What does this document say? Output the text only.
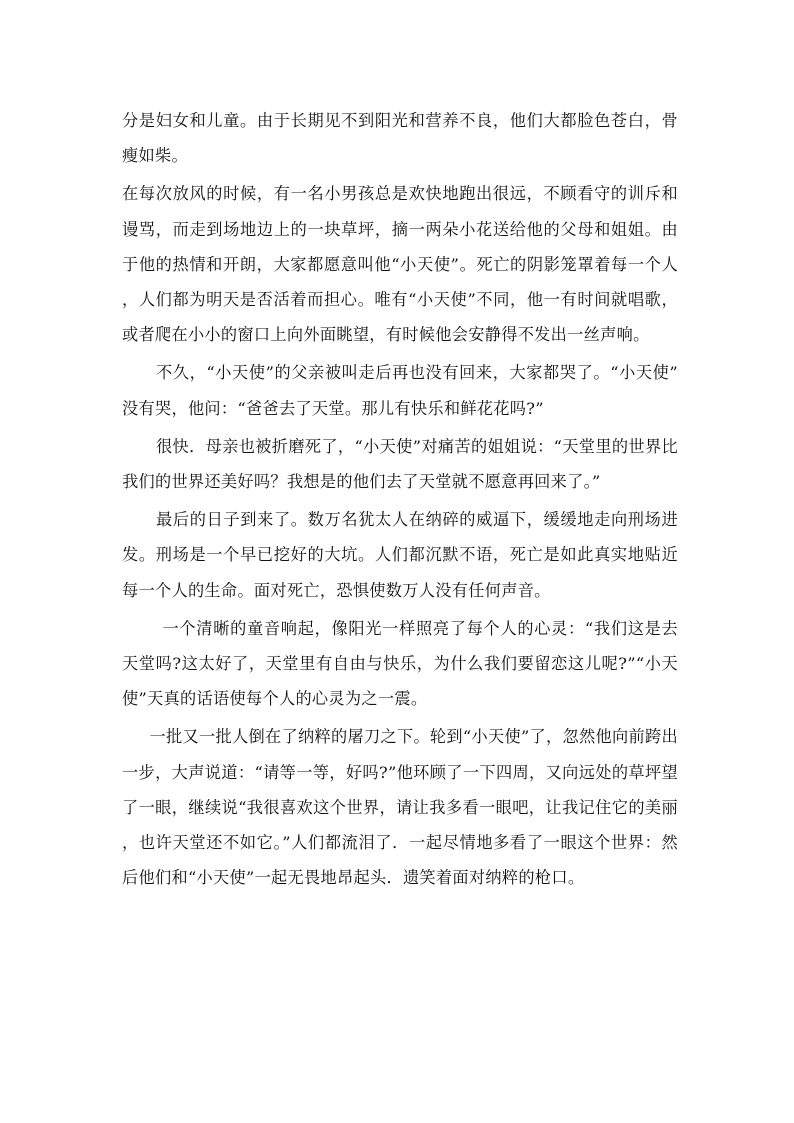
分是妇女和儿童。由于长期见不到阳光和营养不良，他们大都脸色苍白，骨瘦如柴。

在每次放风的时候，有一名小男孩总是欢快地跑出很远，不顾看守的训斥和谩骂，而走到场地边上的一块草坪，摘一两朵小花送给他的父母和姐姐。由于他的热情和开朗，大家都愿意叫他“小天使”。死亡的阴影笼罩着每一个人，人们都为明天是否活着而担心。唯有“小天使”不同，他一有时间就唱歌，或者爬在小小的窗口上向外面眺望，有时候他会安静得不发出一丝声响。

不久，“小天使”的父亲被叫走后再也没有回来，大家都哭了。“小天使”没有哭，他问：“爸爸去了天堂。那儿有快乐和鲜花花吗?”

很快．母亲也被折磨死了，“小天使”对痛苦的姐姐说：“天堂里的世界比我们的世界还美好吗？我想是的他们去了天堂就不愿意再回来了。”

最后的日子到来了。数万名犹太人在纳碎的威逼下，缓缓地走向刑场进发。刑场是一个早已挖好的大坑。人们都沉默不语，死亡是如此真实地贴近每一个人的生命。面对死亡，恐惧使数万人没有任何声音。

一个清晰的童音响起，像阳光一样照亮了每个人的心灵：“我们这是去天堂吗?这太好了，天堂里有自由与快乐，为什么我们要留恋这儿呢?”“小天使”天真的话语使每个人的心灵为之一震。

一批又一批人倒在了纳粹的屠刀之下。轮到“小天使”了，忽然他向前跨出一步，大声说道：“请等一等，好吗?”他环顾了一下四周，又向远处的草坪望了一眼，继续说“我很喜欢这个世界，请让我多看一眼吧，让我记住它的美丽，也许天堂还不如它。”人们都流泪了．一起尽情地多看了一眼这个世界：然后他们和“小天使”一起无畏地昂起头．遗笑着面对纳粹的枪口。
